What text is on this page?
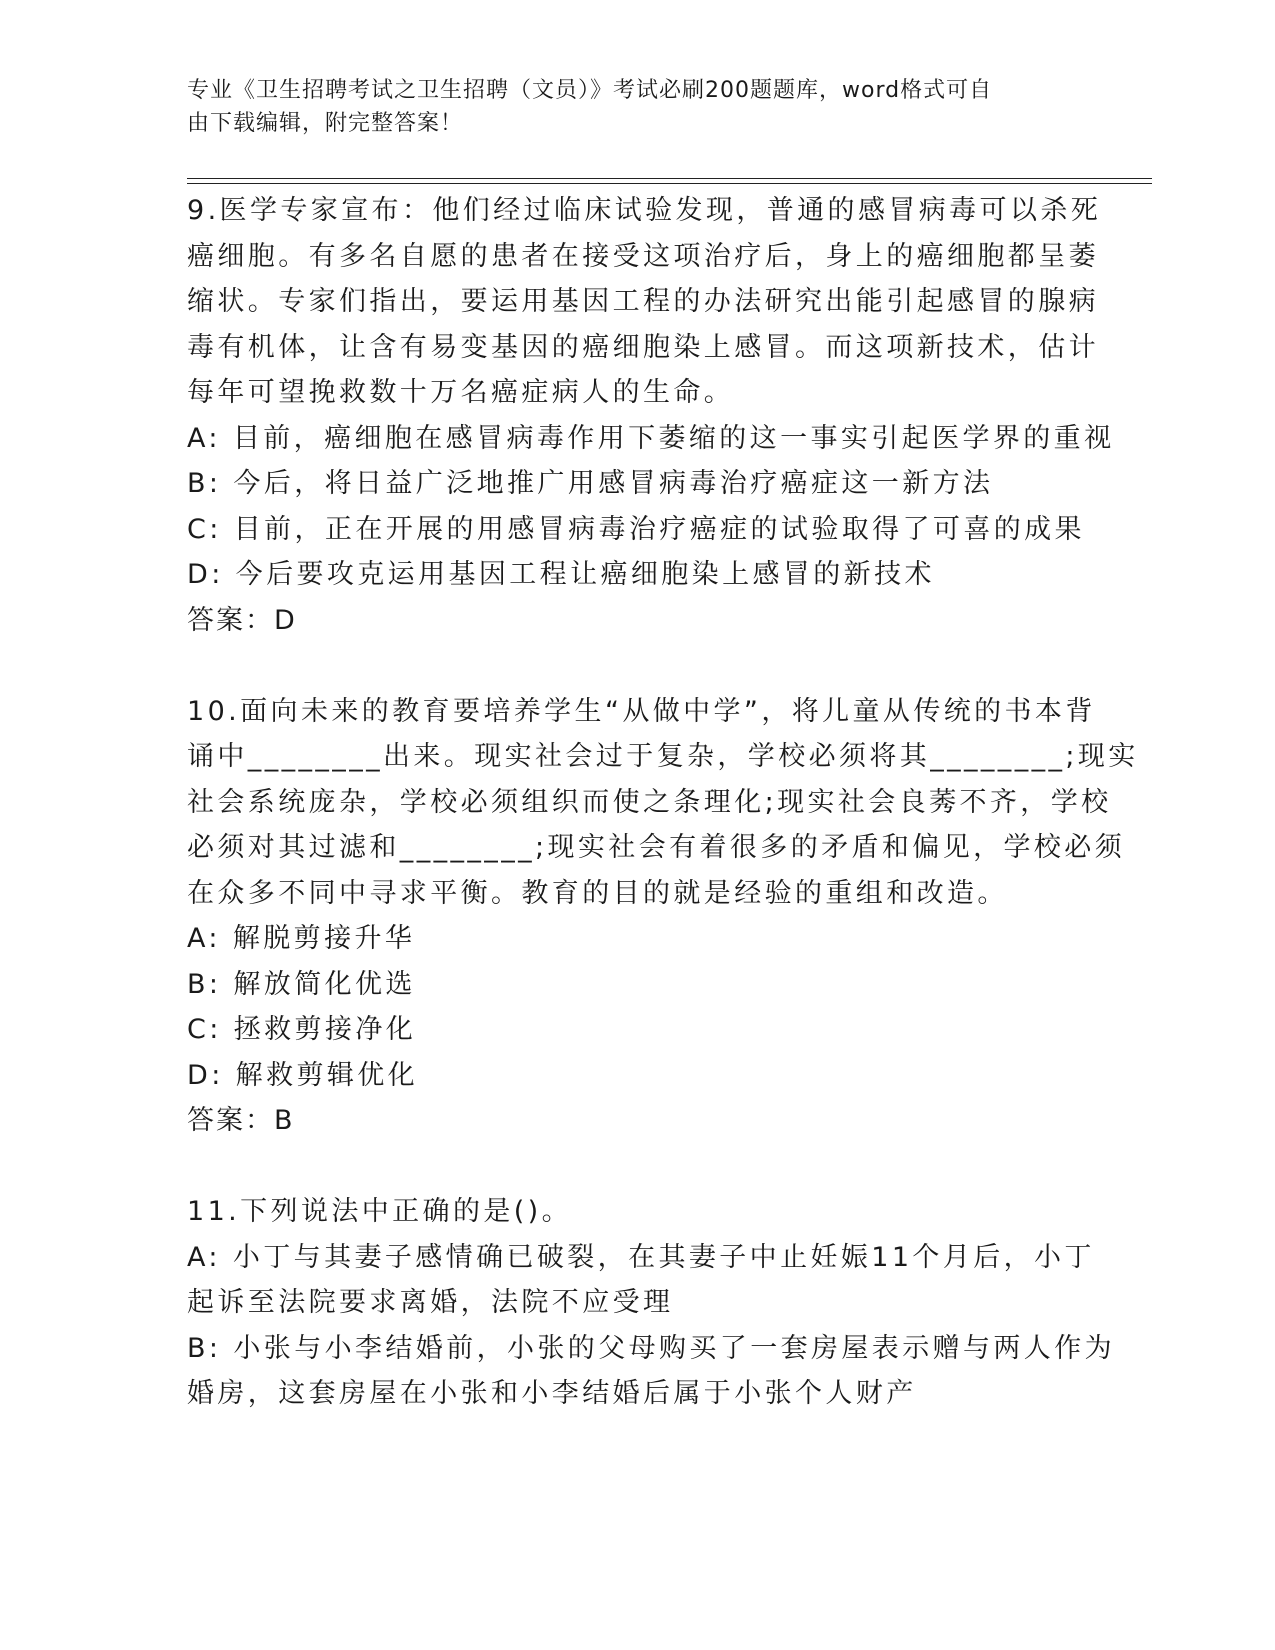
专业《卫生招聘考试之卫生招聘（文员）》考试必刷200题题库，word格式可自
由下载编辑，附完整答案！
9.医学专家宣布：他们经过临床试验发现，普通的感冒病毒可以杀死
癌细胞。有多名自愿的患者在接受这项治疗后，身上的癌细胞都呈萎
缩状。专家们指出，要运用基因工程的办法研究出能引起感冒的腺病
毒有机体，让含有易变基因的癌细胞染上感冒。而这项新技术，估计
每年可望挽救数十万名癌症病人的生命。
A: 目前，癌细胞在感冒病毒作用下萎缩的这一事实引起医学界的重视
B: 今后，将日益广泛地推广用感冒病毒治疗癌症这一新方法
C: 目前，正在开展的用感冒病毒治疗癌症的试验取得了可喜的成果
D: 今后要攻克运用基因工程让癌细胞染上感冒的新技术
答案：D
10.面向未来的教育要培养学生“从做中学”，将儿童从传统的书本背
诵中________出来。现实社会过于复杂，学校必须将其________;现实
社会系统庞杂，学校必须组织而使之条理化;现实社会良莠不齐，学校
必须对其过滤和________;现实社会有着很多的矛盾和偏见，学校必须
在众多不同中寻求平衡。教育的目的就是经验的重组和改造。
A: 解脱剪接升华
B: 解放简化优选
C: 拯救剪接净化
D: 解救剪辑优化
答案：B
11.下列说法中正确的是()。
A: 小丁与其妻子感情确已破裂，在其妻子中止妊娠11个月后，小丁
起诉至法院要求离婚，法院不应受理
B: 小张与小李结婚前，小张的父母购买了一套房屋表示赠与两人作为
婚房，这套房屋在小张和小李结婚后属于小张个人财产
